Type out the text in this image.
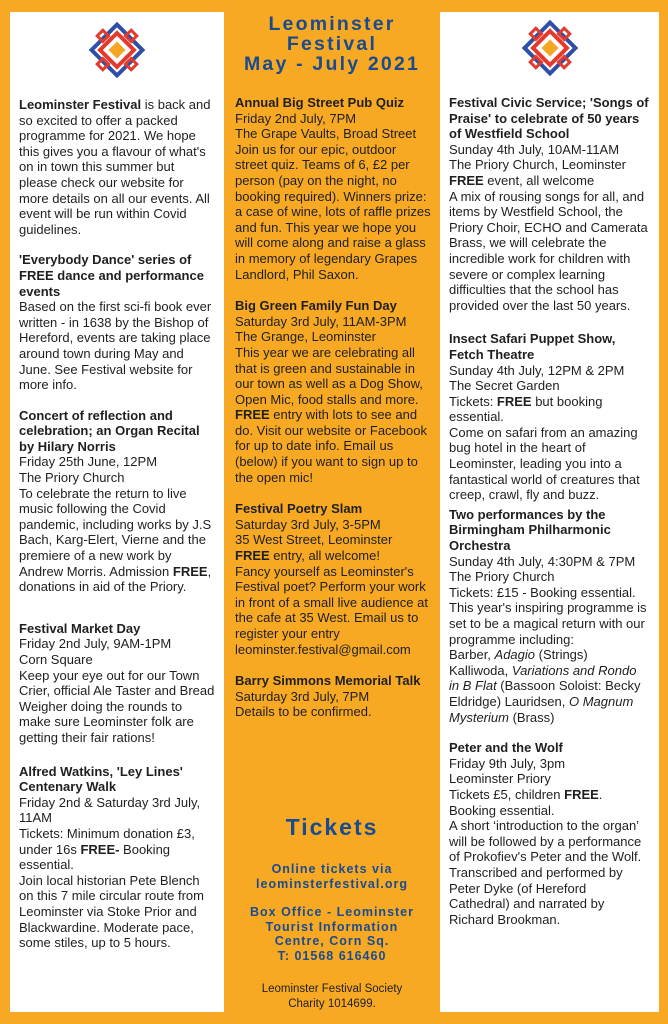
Leominster Festival is back and so excited to offer a packed programme for 2021. We hope this gives you a flavour of what's on in town this summer but please check our website for more details on all our events. All event will be run within Covid guidelines.

'Everybody Dance' series of FREE dance and performance events

Based on the first sci-fi book ever written - in 1638 by the Bishop of Hereford, events are taking place around town during May and June. See Festival website for more info.

Concert of reflection and celebration; an Organ Recital by Hilary Norris

Friday 25th June, 12PM

The Priory Church

To celebrate the return to live music following the Covid pandemic, including works by J.S Bach, Karg-Elert, Vierne and the premiere of a new work by Andrew Morris. Admission FREE, donations in aid of the Priory.

Festival Market Day

Friday 2nd July, 9AM-1PM

Corn Square

Keep your eye out for our Town Crier, official Ale Taster and Bread Weigher doing the rounds to make sure Leominster folk are getting their fair rations!

Alfred Watkins, 'Ley Lines' Centenary Walk

Friday 2nd & Saturday 3rd July, 11AM

Tickets: Minimum donation £3, under 16s FREE- Booking essential.

Join local historian Pete Blench on this 7 mile circular route from Leominster via Stoke Prior and Blackwardine. Moderate pace, some stiles, up to 5 hours.

Leominster
Festival
May - July 2021

Annual Big Street Pub Quiz

Friday 2nd July, 7PM

The Grape Vaults, Broad Street

Join us for our epic, outdoor street quiz. Teams of 6, £2 per person (pay on the night, no booking required). Winners prize: a case of wine, lots of raffle prizes and fun. This year we hope you will come along and raise a glass in memory of legendary Grapes Landlord, Phil Saxon.

Big Green Family Fun Day

Saturday 3rd July, 11AM-3PM

The Grange, Leominster

This year we are celebrating all that is green and sustainable in our town as well as a Dog Show, Open Mic, food stalls and more. FREE entry with lots to see and do. Visit our website or Facebook for up to date info. Email us (below) if you want to sign up to the open mic!

Festival Poetry Slam

Saturday 3rd July, 3-5PM

35 West Street, Leominster

FREE entry, all welcome!

Fancy yourself as Leominster's Festival poet? Perform your work in front of a small live audience at the cafe at 35 West. Email us to register your entry leominster.festival@gmail.com

Barry Simmons Memorial Talk

Saturday 3rd July, 7PM

Details to be confirmed.

Tickets
Online tickets via
leominsterfestival.org
Box Office - Leominster
Tourist Information
Centre, Corn Sq.
T: 01568 616460
Leominster Festival Society
Charity 1014699.

Festival Civic Service; 'Songs of Praise' to celebrate of 50 years of Westfield School

Sunday 4th July, 10AM-11AM

The Priory Church, Leominster

FREE event, all welcome

A mix of rousing songs for all, and items by Westfield School, the Priory Choir, ECHO and Camerata Brass, we will celebrate the incredible work for children with severe or complex learning difficulties that the school has provided over the last 50 years.

Insect Safari Puppet Show, Fetch Theatre

Sunday 4th July, 12PM & 2PM

The Secret Garden

Tickets: FREE but booking essential.

Come on safari from an amazing bug hotel in the heart of Leominster, leading you into a fantastical world of creatures that creep, crawl, fly and buzz.

Two performances by the Birmingham Philharmonic Orchestra

Sunday 4th July, 4:30PM & 7PM

The Priory Church

Tickets: £15 - Booking essential.

This year's inspiring programme is set to be a magical return with our programme including:

Barber, Adagio (Strings) Kalliwoda, Variations and Rondo in B Flat (Bassoon Soloist: Becky Eldridge) Lauridsen, O Magnum Mysterium (Brass)

Peter and the Wolf

Friday 9th July, 3pm

Leominster Priory

Tickets £5, children FREE.

Booking essential.

A short ‘introduction to the organ’ will be followed by a performance of Prokofiev's Peter and the Wolf. Transcribed and performed by Peter Dyke (of Hereford Cathedral) and narrated by Richard Brookman.
